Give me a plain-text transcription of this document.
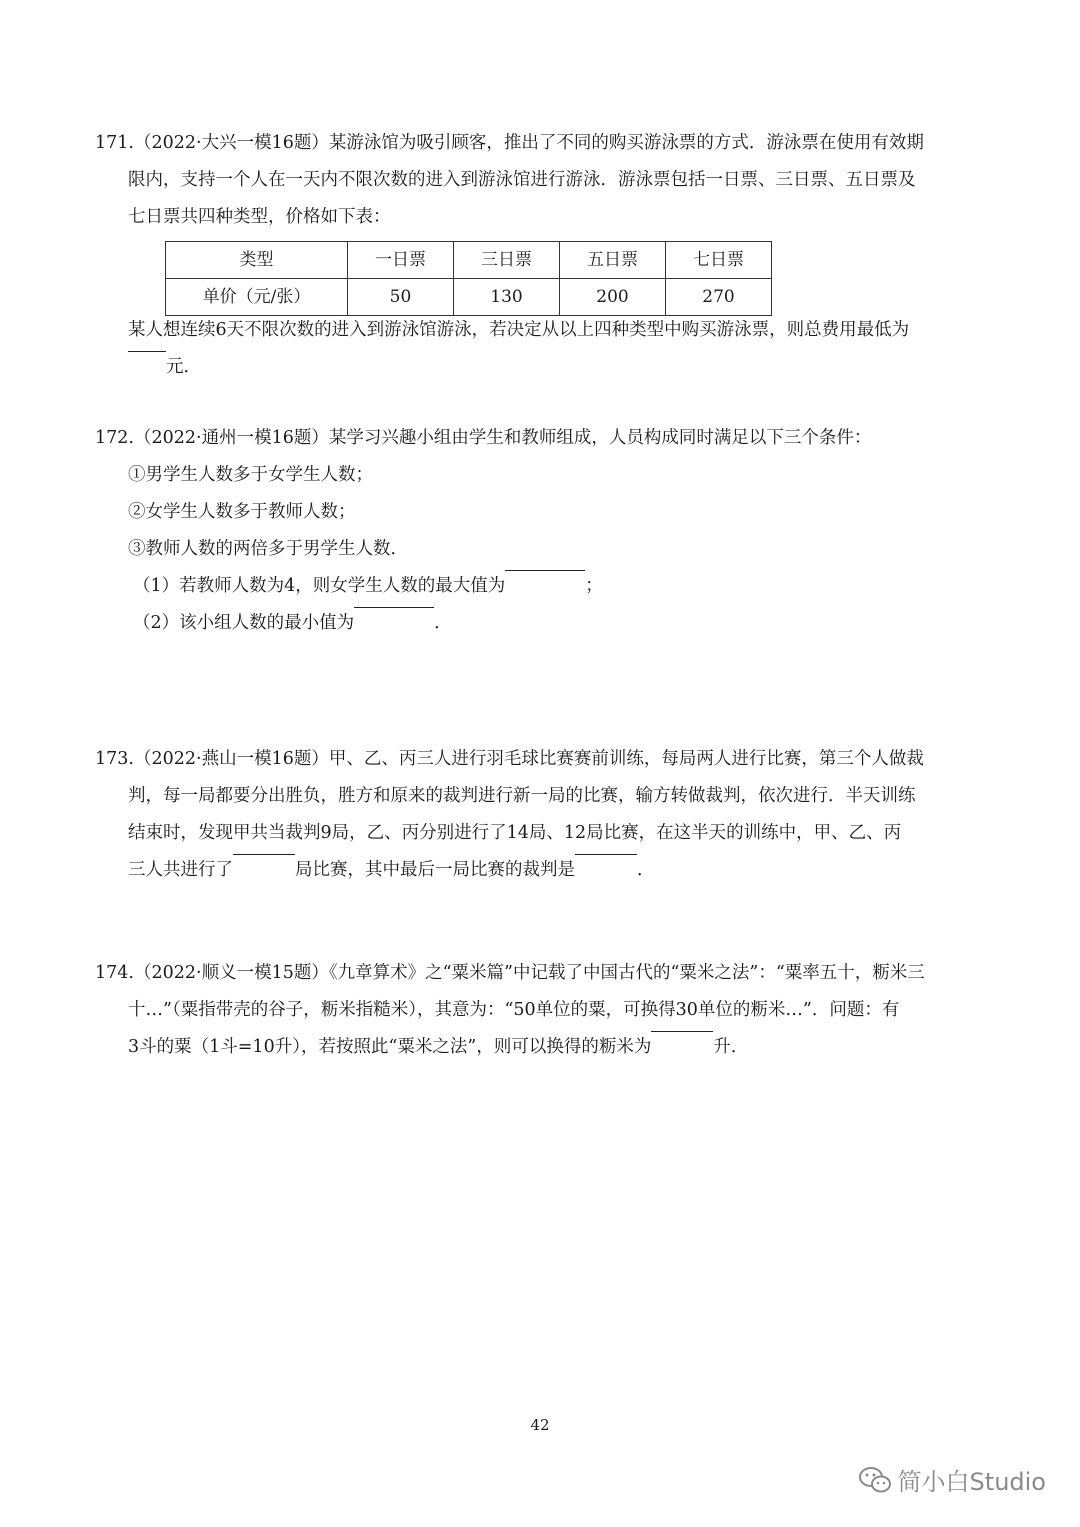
171.（2022·大兴一模16题）某游泳馆为吸引顾客，推出了不同的购买游泳票的方式．游泳票在使用有效期
限内，支持一个人在一天内不限次数的进入到游泳馆进行游泳．游泳票包括一日票、三日票、五日票及
七日票共四种类型，价格如下表：
类型	一日票	三日票	五日票	七日票
单价（元/张）	50	130	200	270
某人想连续6天不限次数的进入到游泳馆游泳，若决定从以上四种类型中购买游泳票，则总费用最低为
元．
172.（2022·通州一模16题）某学习兴趣小组由学生和教师组成，人员构成同时满足以下三个条件：
①男学生人数多于女学生人数；
②女学生人数多于教师人数；
③教师人数的两倍多于男学生人数．
（1）若教师人数为4，则女学生人数的最大值为	；
（2）该小组人数的最小值为	．
173.（2022·燕山一模16题）甲、乙、丙三人进行羽毛球比赛赛前训练，每局两人进行比赛，第三个人做裁
判，每一局都要分出胜负，胜方和原来的裁判进行新一局的比赛，输方转做裁判，依次进行．半天训练
结束时，发现甲共当裁判9局，乙、丙分别进行了14局、12局比赛，在这半天的训练中，甲、乙、丙
三人共进行了	局比赛，其中最后一局比赛的裁判是	．
174.（2022·顺义一模15题）《九章算术》之“粟米篇”中记载了中国古代的“粟米之法”：“粟率五十，粝米三
十…”（粟指带壳的谷子，粝米指糙米），其意为：“50单位的粟，可换得30单位的粝米…”．问题：有
3斗的粟（1斗=10升），若按照此“粟米之法”，则可以换得的粝米为	升．
42
简小白Studio
